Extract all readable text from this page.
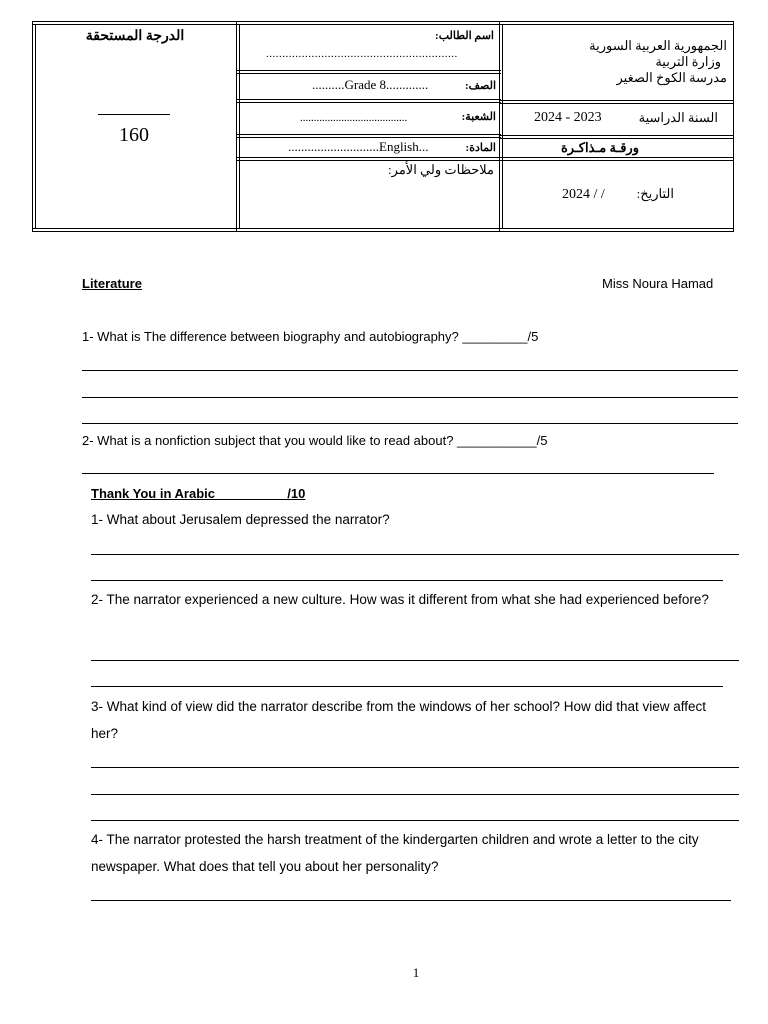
الدرجة المستحقة
160
اسم الطالب:
...........................................................
الصف:
..........Grade 8.............
الشعبة:
.......................................
المادة:
............................English...
ملاحظات ولي الأمر:
الجمهورية العربية السورية
وزارة التربية
مدرسة الكوخ الصغير
السنة الدراسية
2024 - 2023
ورقـة مـذاكـرة
التاريخ:
2024 / /
Literature	Miss Noura Hamad
1- What is The difference between biography and autobiography? _________/5
2- What is a nonfiction subject that you would like to read about? ___________/5
Thank You in Arabic__________/10
1- What about Jerusalem depressed the narrator?
2- The narrator experienced a new culture. How was it different from what she had experienced before?
3- What kind of view did the narrator describe from the windows of her school? How did that view affect her?
4- The narrator protested the harsh treatment of the kindergarten children and wrote a letter to the city newspaper. What does that tell you about her personality?
1
